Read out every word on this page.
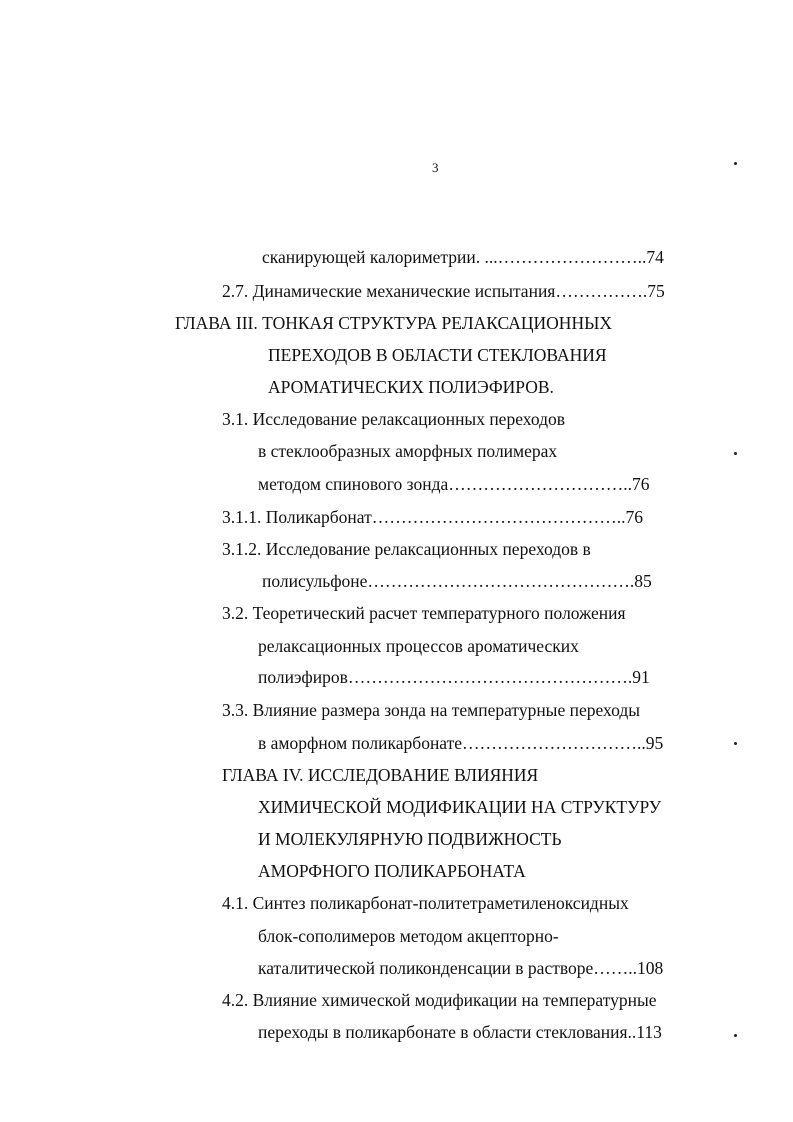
3
сканирующей калориметрии. ...……………………..74
2.7. Динамические механические испытания…………….75
ГЛАВА III. ТОНКАЯ СТРУКТУРА РЕЛАКСАЦИОННЫХ
ПЕРЕХОДОВ В ОБЛАСТИ СТЕКЛОВАНИЯ
АРОМАТИЧЕСКИХ ПОЛИЭФИРОВ.
3.1. Исследование релаксационных переходов
в стеклообразных аморфных полимерах
методом спинового зонда…………………………..76
3.1.1. Поликарбонат……………………………………..76
3.1.2. Исследование релаксационных переходов в
полисульфоне……………………………………….85
3.2. Теоретический расчет температурного положения
релаксационных процессов ароматических
полиэфиров………………………………………….91
3.3. Влияние размера зонда на температурные переходы
в аморфном поликарбонате…………………………..95
ГЛАВА IV. ИССЛЕДОВАНИЕ ВЛИЯНИЯ
ХИМИЧЕСКОЙ МОДИФИКАЦИИ НА СТРУКТУРУ
И МОЛЕКУЛЯРНУЮ ПОДВИЖНОСТЬ
АМОРФНОГО ПОЛИКАРБОНАТА
4.1. Синтез поликарбонат-политетраметиленоксидных
блок-сополимеров методом акцепторно-
каталитической поликонденсации в растворе……..108
4.2. Влияние химической модификации на температурные
переходы в поликарбонате в области стеклования..113
